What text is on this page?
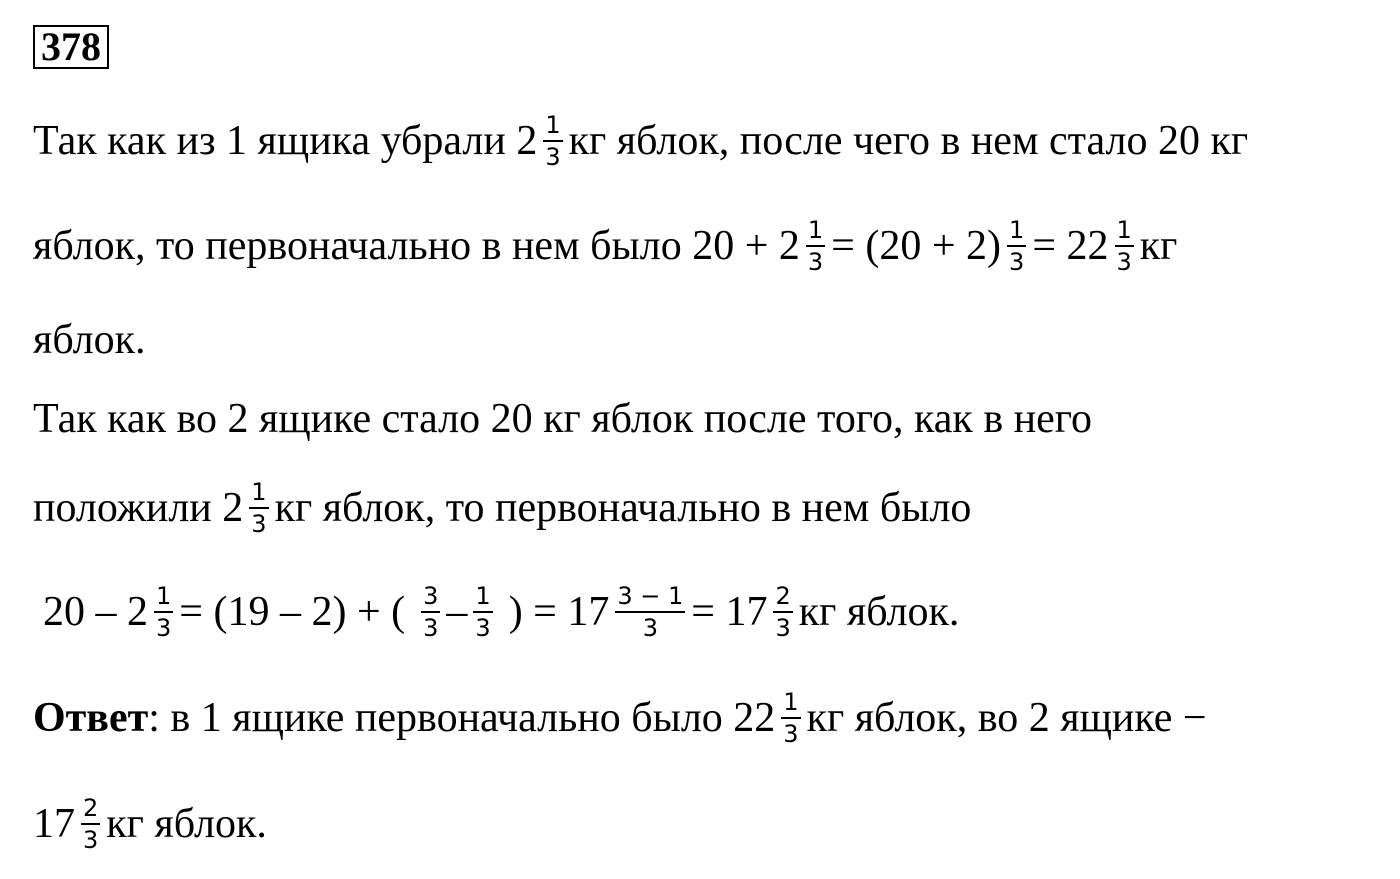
378
Так как из 1 ящика убрали $2 \frac{1}{3}$ кг яблок, после чего в нем стало 20 кг
яблок, то первоначально в нем было $20 + 2 \frac{1}{3} = (20 + 2) \frac{1}{3} = 22 \frac{1}{3}$ кг
яблок.
Так как во 2 ящике стало 20 кг яблок после того, как в него
положили $2 \frac{1}{3}$ кг яблок, то первоначально в нем было
$20 - 2 \frac{1}{3} = (19 - 2)$ + ( $\frac{3}{3} - \frac{1}{3}$ ) = $17 \frac{3 - 1}{3} = 17 \frac{2}{3}$ кг яблок.
Ответ : в 1 ящике первоначально было $22 \frac{1}{3}$ кг яблок, во 2 ящике −
$17 \frac{2}{3}$ кг яблок.
